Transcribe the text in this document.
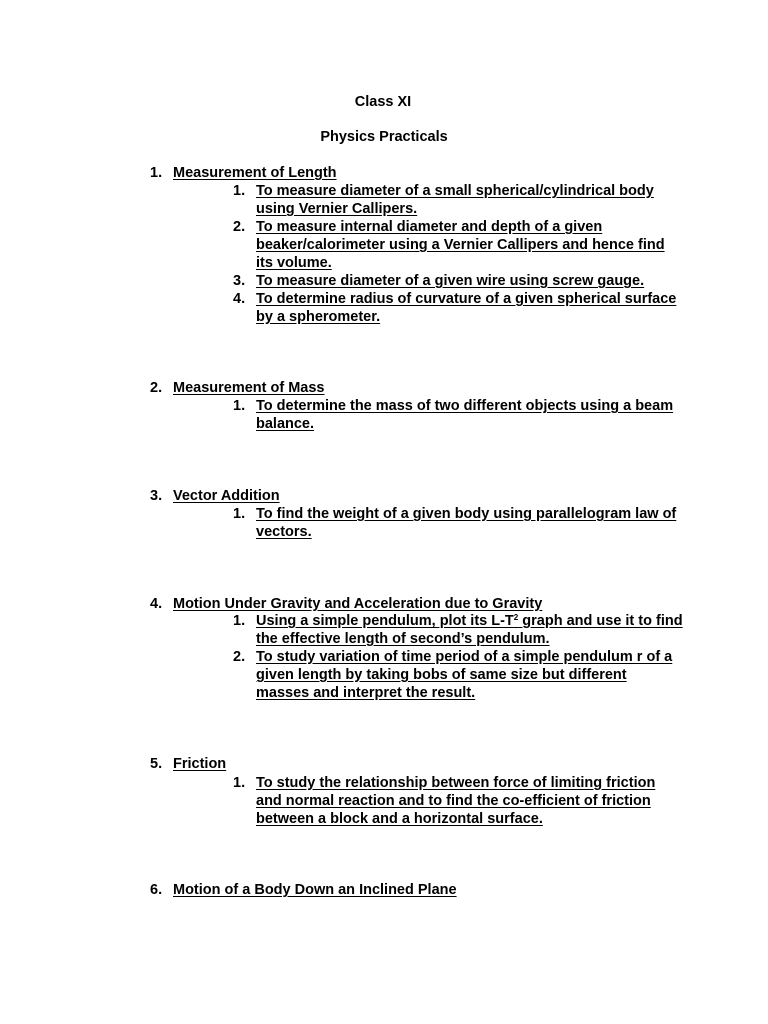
Class XI
Physics Practicals
1. Measurement of Length
1. To measure diameter of a small spherical/cylindrical body using Vernier Callipers.
2. To measure internal diameter and depth of a given beaker/calorimeter using a Vernier Callipers and hence find its volume.
3. To measure diameter of a given wire using screw gauge.
4. To determine radius of curvature of a given spherical surface by a spherometer.
2. Measurement of Mass
1. To determine the mass of two different objects using a beam balance.
3. Vector Addition
1. To find the weight of a given body using parallelogram law of vectors.
4. Motion Under Gravity and Acceleration due to Gravity
1. Using a simple pendulum, plot its $L-T^2$ graph and use it to find the effective length of second’s pendulum.
2. To study variation of time period of a simple pendulum r of a given length by taking bobs of same size but different masses and interpret the result.
5. Friction
1. To study the relationship between force of limiting friction and normal reaction and to find the co-efficient of friction between a block and a horizontal surface.
6. Motion of a Body Down an Inclined Plane
